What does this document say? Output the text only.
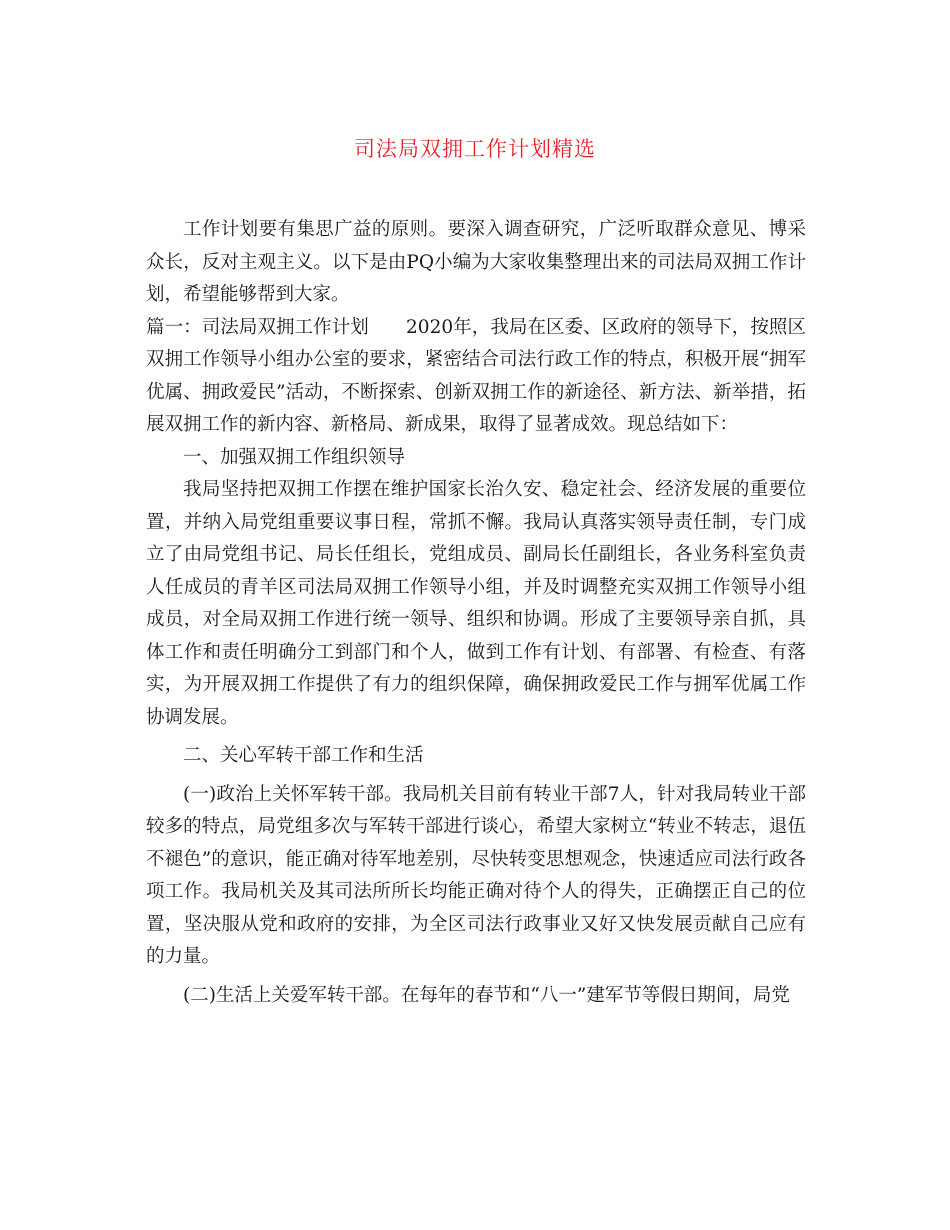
司法局双拥工作计划精选

工作计划要有集思广益的原则。要深入调查研究，广泛听取群众意见、博采众长，反对主观主义。以下是由PQ小编为大家收集整理出来的司法局双拥工作计划，希望能够帮到大家。

篇一：司法局双拥工作计划　　2020年，我局在区委、区政府的领导下，按照区双拥工作领导小组办公室的要求，紧密结合司法行政工作的特点，积极开展“拥军优属、拥政爱民”活动，不断探索、创新双拥工作的新途径、新方法、新举措，拓展双拥工作的新内容、新格局、新成果，取得了显著成效。现总结如下：

一、加强双拥工作组织领导

我局坚持把双拥工作摆在维护国家长治久安、稳定社会、经济发展的重要位置，并纳入局党组重要议事日程，常抓不懈。我局认真落实领导责任制，专门成立了由局党组书记、局长任组长，党组成员、副局长任副组长，各业务科室负责人任成员的青羊区司法局双拥工作领导小组，并及时调整充实双拥工作领导小组成员，对全局双拥工作进行统一领导、组织和协调。形成了主要领导亲自抓，具体工作和责任明确分工到部门和个人，做到工作有计划、有部署、有检查、有落实，为开展双拥工作提供了有力的组织保障，确保拥政爱民工作与拥军优属工作协调发展。

二、关心军转干部工作和生活

(一)政治上关怀军转干部。我局机关目前有转业干部7人，针对我局转业干部较多的特点，局党组多次与军转干部进行谈心，希望大家树立“转业不转志，退伍不褪色”的意识，能正确对待军地差别，尽快转变思想观念，快速适应司法行政各项工作。我局机关及其司法所所长均能正确对待个人的得失，正确摆正自己的位置，坚决服从党和政府的安排，为全区司法行政事业又好又快发展贡献自己应有的力量。

(二)生活上关爱军转干部。在每年的春节和“八一”建军节等假日期间，局党
